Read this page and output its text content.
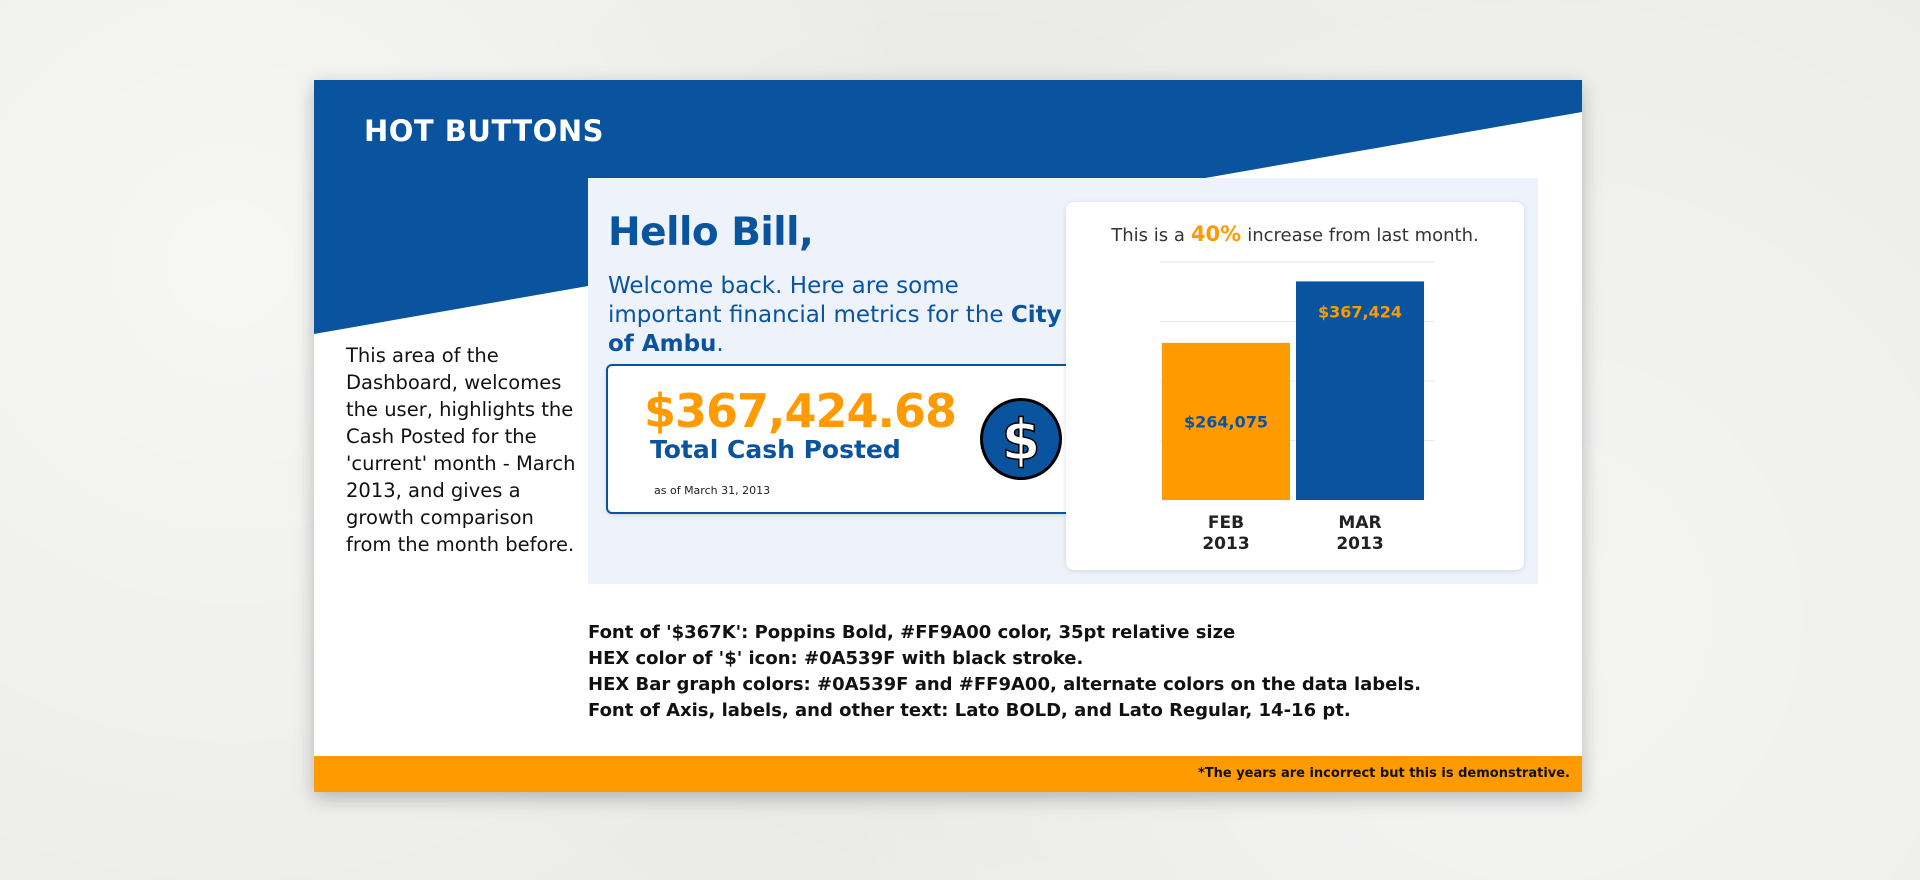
HOT BUTTONS
This area of the Dashboard, welcomes the user, highlights the Cash Posted for the 'current' month - March 2013, and gives a growth comparison from the month before.
Hello Bill,
Welcome back. Here are some important financial metrics for the City of Ambu.
$367,424.68
Total Cash Posted
as of March 31, 2013
$
This is a 40% increase from last month.
$264,075
FEB
2013
$367,424
MAR
2013
Font of '$367K': Poppins Bold, #FF9A00 color, 35pt relative size
HEX color of '$' icon: #0A539F with black stroke.
HEX Bar graph colors: #0A539F and #FF9A00, alternate colors on the data labels.
Font of Axis, labels, and other text: Lato BOLD, and Lato Regular, 14-16 pt.
*The years are incorrect but this is demonstrative.
